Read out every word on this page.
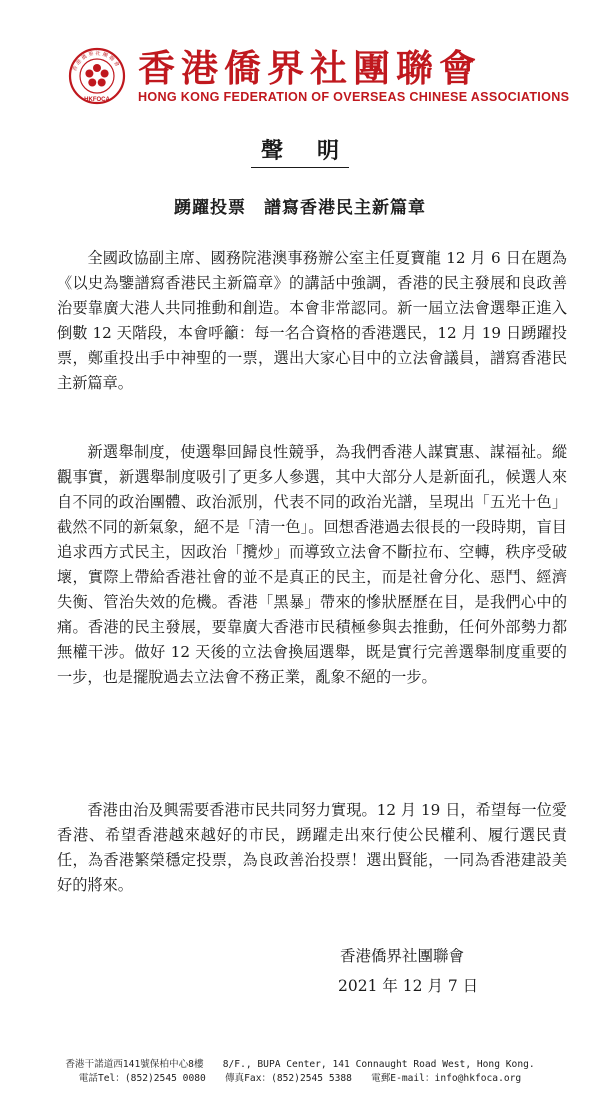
香港僑界社團聯會
HKFOCA
香港僑界社團聯會
HONG KONG FEDERATION OF OVERSEAS CHINESE ASSOCIATIONS
聲 明
踴躍投票　譜寫香港民主新篇章

全國政協副主席、國務院港澳事務辦公室主任夏寶龍 12 月 6 日在題為《以史為鑒譜寫香港民主新篇章》的講話中強調，香港的民主發展和良政善治要靠廣大港人共同推動和創造。本會非常認同。新一屆立法會選舉正進入倒數 12 天階段，本會呼籲：每一名合資格的香港選民，12 月 19 日踴躍投票，鄭重投出手中神聖的一票，選出大家心目中的立法會議員，譜寫香港民主新篇章。

新選舉制度，使選舉回歸良性競爭，為我們香港人謀實惠、謀福祉。縱觀事實，新選舉制度吸引了更多人參選，其中大部分人是新面孔，候選人來自不同的政治團體、政治派別，代表不同的政治光譜，呈現出「五光十色」截然不同的新氣象，絕不是「清一色」。回想香港過去很長的一段時期，盲目追求西方式民主，因政治「攬炒」而導致立法會不斷拉布、空轉，秩序受破壞，實際上帶給香港社會的並不是真正的民主，而是社會分化、惡鬥、經濟失衡、管治失效的危機。香港「黑暴」帶來的慘狀歷歷在目，是我們心中的痛。香港的民主發展，要靠廣大香港市民積極參與去推動，任何外部勢力都無權干涉。做好 12 天後的立法會換屆選舉，既是實行完善選舉制度重要的一步，也是擺脫過去立法會不務正業，亂象不絕的一步。

香港由治及興需要香港市民共同努力實現。12 月 19 日，希望每一位愛香港、希望香港越來越好的市民，踴躍走出來行使公民權利、履行選民責任，為香港繁榮穩定投票，為良政善治投票！選出賢能，一同為香港建設美好的將來。

香港僑界社團聯會
2021 年 12 月 7 日
香港干諾道西141號保柏中心8樓　　8/F., BUPA Center, 141 Connaught Road West, Hong Kong.
電話Tel：(852)2545 0080　　傳真Fax：(852)2545 5388　　電郵E-mail：info@hkfoca.org
